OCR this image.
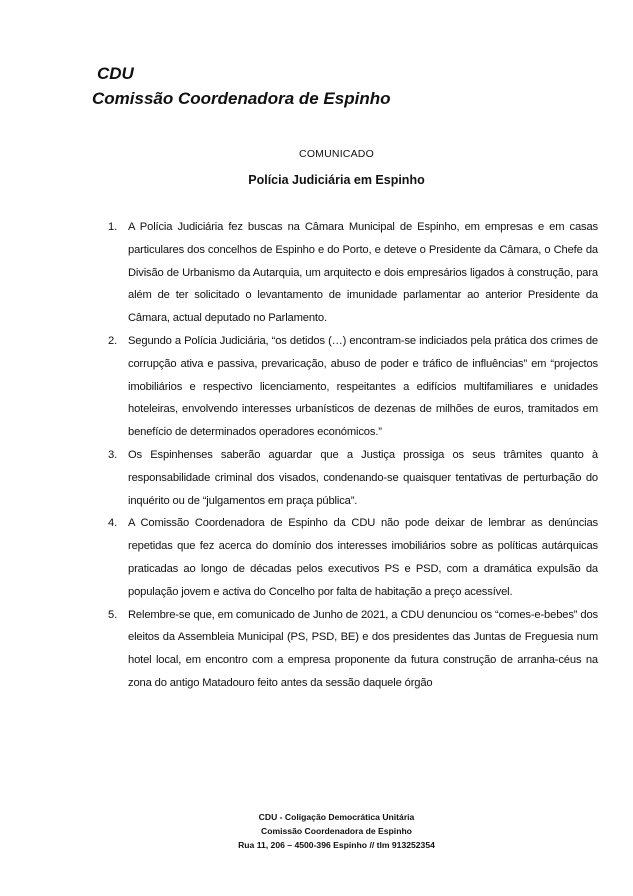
CDU
Comissão Coordenadora de Espinho
COMUNICADO
Polícia Judiciária em Espinho
1. A Polícia Judiciária fez buscas na Câmara Municipal de Espinho, em empresas e em casas particulares dos concelhos de Espinho e do Porto, e deteve o Presidente da Câmara, o Chefe da Divisão de Urbanismo da Autarquia, um arquitecto e dois empresários ligados à construção, para além de ter solicitado o levantamento de imunidade parlamentar ao anterior Presidente da Câmara, actual deputado no Parlamento.
2. Segundo a Polícia Judiciária, “os detidos (…) encontram-se indiciados pela prática dos crimes de corrupção ativa e passiva, prevaricação, abuso de poder e tráfico de influências” em “projectos imobiliários e respectivo licenciamento, respeitantes a edifícios multifamiliares e unidades hoteleiras, envolvendo interesses urbanísticos de dezenas de milhões de euros, tramitados em benefício de determinados operadores económicos.”
3. Os Espinhenses saberão aguardar que a Justiça prossiga os seus trâmites quanto à responsabilidade criminal dos visados, condenando-se quaisquer tentativas de perturbação do inquérito ou de “julgamentos em praça pública”.
4. A Comissão Coordenadora de Espinho da CDU não pode deixar de lembrar as denúncias repetidas que fez acerca do domínio dos interesses imobiliários sobre as políticas autárquicas praticadas ao longo de décadas pelos executivos PS e PSD, com a dramática expulsão da população jovem e activa do Concelho por falta de habitação a preço acessível.
5. Relembre-se que, em comunicado de Junho de 2021, a CDU denunciou os “comes-e-bebes” dos eleitos da Assembleia Municipal (PS, PSD, BE) e dos presidentes das Juntas de Freguesia num hotel local, em encontro com a empresa proponente da futura construção de arranha-céus na zona do antigo Matadouro feito antes da sessão daquele órgão
CDU - Coligação Democrática Unitária
Comissão Coordenadora de Espinho
Rua 11, 206 – 4500-396 Espinho // tlm 913252354
